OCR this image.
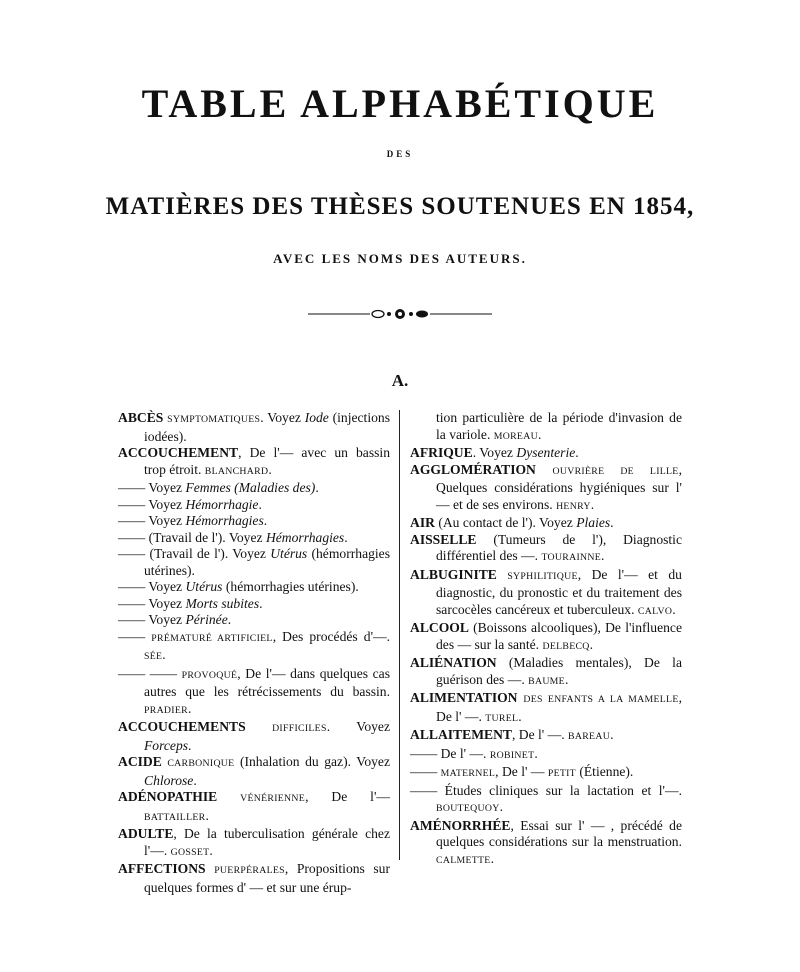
TABLE ALPHABÉTIQUE
DES
MATIÈRES DES THÈSES SOUTENUES EN 1854,
AVEC LES NOMS DES AUTEURS.
A.

ABCÈS SYMPTOMATIQUES. Voyez Iode (injections iodées).

ACCOUCHEMENT, De l'— avec un bassin trop étroit. BLANCHARD.

—— Voyez Femmes (Maladies des).

—— Voyez Hémorrhagie.

—— Voyez Hémorrhagies.

—— (Travail de l'). Voyez Hémorrhagies.

—— (Travail de l'). Voyez Utérus (hémorrhagies utérines).

—— Voyez Utérus (hémorrhagies utérines).

—— Voyez Morts subites.

—— Voyez Périnée.

—— PRÉMATURÉ ARTIFICIEL, Des procédés d'—. SÉE.

—— —— PROVOQUÉ, De l'— dans quelques cas autres que les rétrécissements du bassin. PRADIER.

ACCOUCHEMENTS DIFFICILES. Voyez Forceps.

ACIDE CARBONIQUE (Inhalation du gaz). Voyez Chlorose.

ADÉNOPATHIE VÉNÉRIENNE, De l'— BATTAILLER.

ADULTE, De la tuberculisation générale chez l'—. GOSSET.

AFFECTIONS PUERPÉRALES, Propositions sur quelques formes d' — et sur une érup-

tion particulière de la période d'invasion de la variole. MOREAU.

AFRIQUE. Voyez Dysenterie.

AGGLOMÉRATION OUVRIÈRE DE LILLE, Quelques considérations hygiéniques sur l' — et de ses environs. HENRY.

AIR (Au contact de l'). Voyez Plaies.

AISSELLE (Tumeurs de l'), Diagnostic différentiel des —. TOURAINNE.

ALBUGINITE SYPHILITIQUE, De l'— et du diagnostic, du pronostic et du traitement des sarcocèles cancéreux et tuberculeux. CALVO.

ALCOOL (Boissons alcooliques), De l'influence des — sur la santé. DELBECQ.

ALIÉNATION (Maladies mentales), De la guérison des —. BAUME.

ALIMENTATION DES ENFANTS A LA MAMELLE, De l' —. TUREL.

ALLAITEMENT, De l' —. BAREAU.

—— De l' —. ROBINET.

—— MATERNEL, De l' — PETIT (Étienne).

—— Études cliniques sur la lactation et l'—. BOUTEQUOY.

AMÉNORRHÉE, Essai sur l' — , précédé de quelques considérations sur la menstruation. CALMETTE.
